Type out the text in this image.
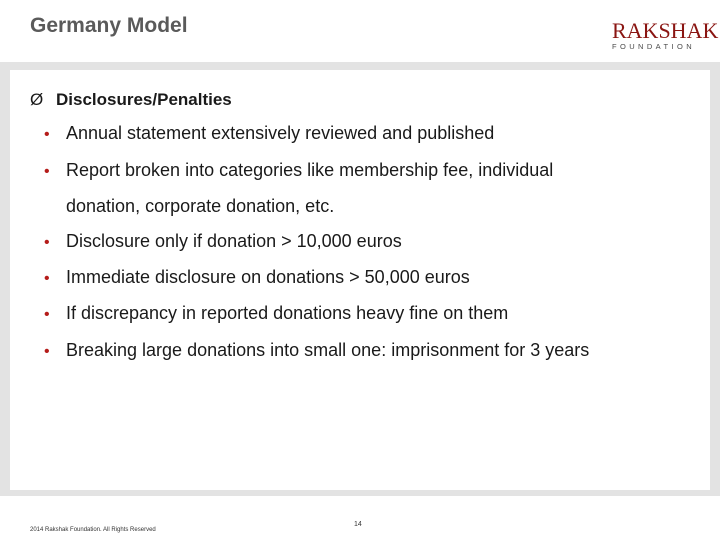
Germany Model	RAKSHAK
FOUNDATION
Ø Disclosures/Penalties
• Annual statement extensively reviewed and published
• Report broken into categories like membership fee, individual
donation, corporate donation, etc.
• Disclosure only if donation > 10,000 euros
• Immediate disclosure on donations > 50,000 euros
• If discrepancy in reported donations heavy fine on them
• Breaking large donations into small one: imprisonment for 3 years
2014 Rakshak Foundation. All Rights Reserved
14
